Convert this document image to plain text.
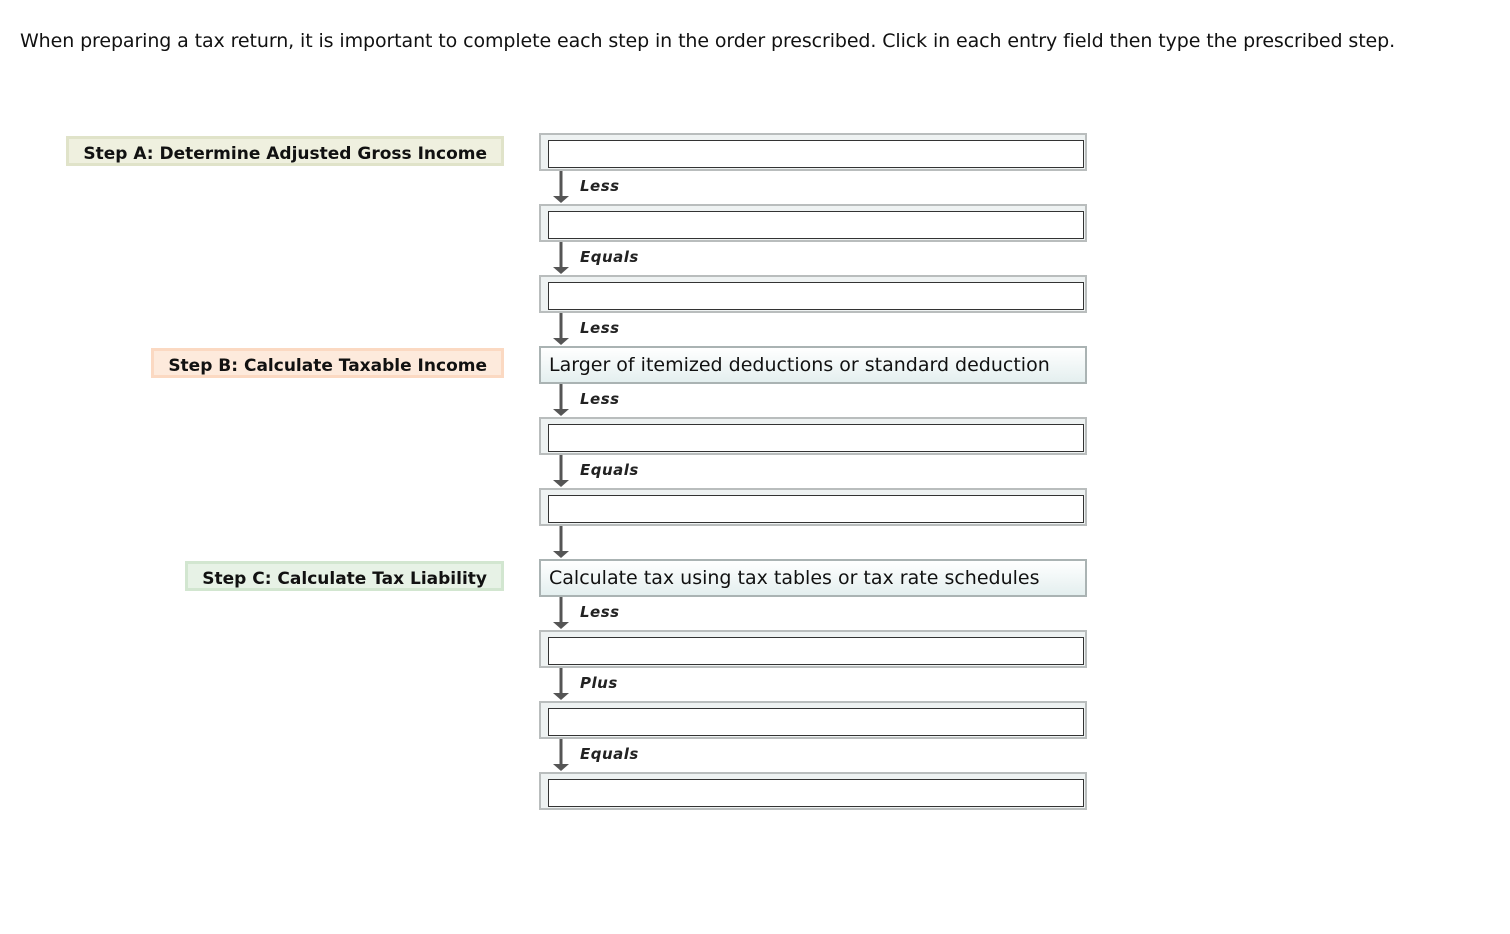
When preparing a tax return, it is important to complete each step in the order prescribed. Click in each entry field then type the prescribed step.
Step A: Determine Adjusted Gross Income
Step B: Calculate Taxable Income
Step C: Calculate Tax Liability
Less
Equals
Less
Larger of itemized deductions or standard deduction
Less
Equals
Calculate tax using tax tables or tax rate schedules
Less
Plus
Equals
